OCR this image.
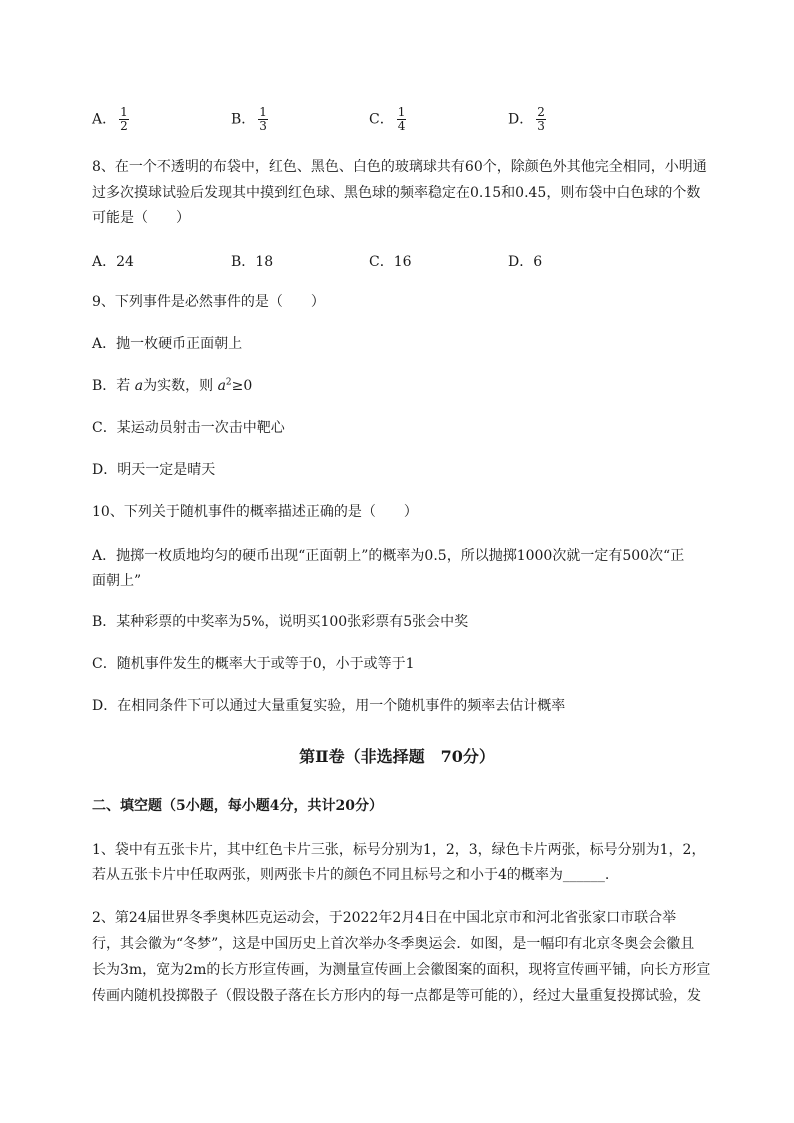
A． $\frac{1}{2}$	B． $\frac{1}{3}$	C． $\frac{1}{4}$	D． $\frac{2}{3}$
8、在一个不透明的布袋中，红色、黑色、白色的玻璃球共有60个，除颜色外其他完全相同，小明通
过多次摸球试验后发现其中摸到红色球、黑色球的频率稳定在0.15和0.45，则布袋中白色球的个数
可能是（　　）
A．24	B．18	C．16	D．6
9、下列事件是必然事件的是（　　）
A．抛一枚硬币正面朝上
B．若 a为实数，则 $a^2\ge 0$
C．某运动员射击一次击中靶心
D．明天一定是晴天
10、下列关于随机事件的概率描述正确的是（　　）
A．抛掷一枚质地均匀的硬币出现“正面朝上”的概率为0.5，所以抛掷1000次就一定有500次“正
面朝上”
B．某种彩票的中奖率为5%，说明买100张彩票有5张会中奖
C．随机事件发生的概率大于或等于0，小于或等于1
D．在相同条件下可以通过大量重复实验，用一个随机事件的频率去估计概率
第Ⅱ卷（非选择题　70分）
二、填空题（5小题，每小题4分，共计20分）
1、袋中有五张卡片，其中红色卡片三张，标号分别为1，2，3，绿色卡片两张，标号分别为1，2，
若从五张卡片中任取两张，则两张卡片的颜色不同且标号之和小于4的概率为______.
2、第24届世界冬季奥林匹克运动会，于2022年2月4日在中国北京市和河北省张家口市联合举
行，其会徽为“冬梦”，这是中国历史上首次举办冬季奥运会．如图，是一幅印有北京冬奥会会徽且
长为3m，宽为2m的长方形宣传画，为测量宣传画上会徽图案的面积，现将宣传画平铺，向长方形宣
传画内随机投掷骰子（假设骰子落在长方形内的每一点都是等可能的），经过大量重复投掷试验，发
